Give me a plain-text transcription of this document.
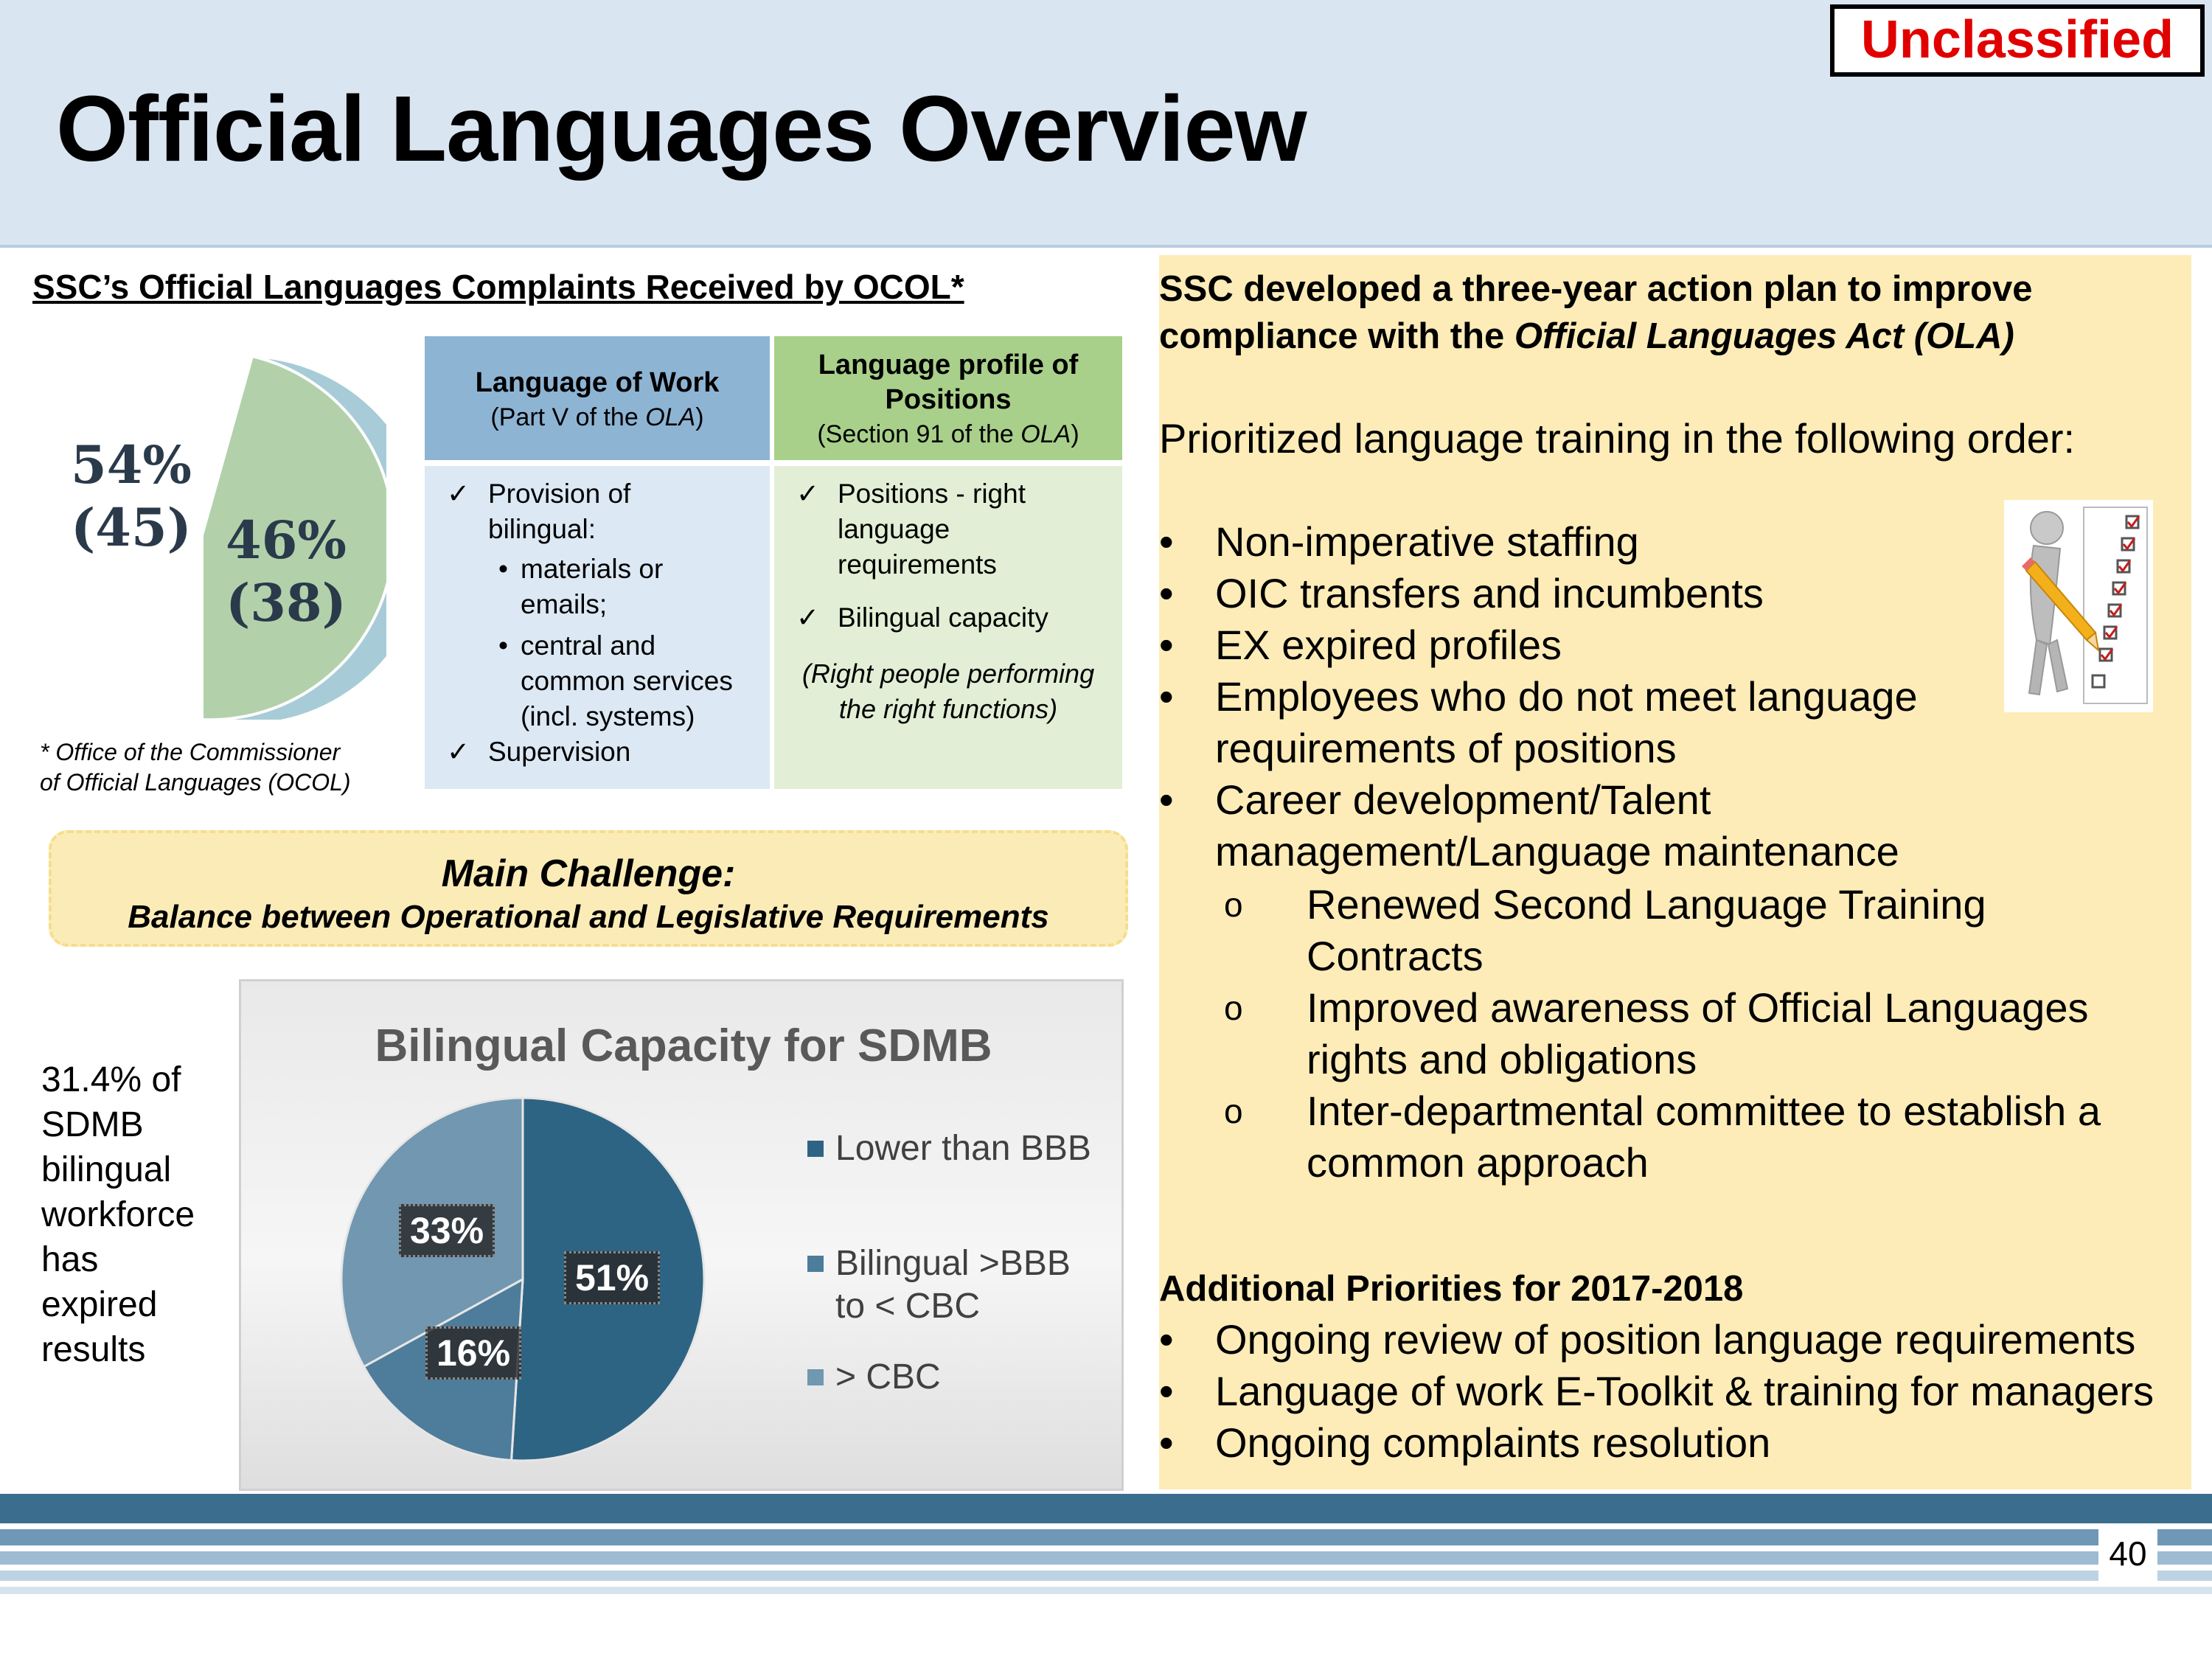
Official Languages Overview
Unclassified
SSC’s Official Languages Complaints Received by OCOL*
54%
(45) 46%
(38)
* Office of the Commissioner
of Official Languages (OCOL)
Language of Work
(Part V of the OLA)
✓ Provision of
bilingual:
• materials or
emails;
• central and
common services
(incl. systems)
✓ Supervision
Language profile of
Positions
(Section 91 of the OLA)
✓ Positions - right
language
requirements
✓ Bilingual capacity
(Right people performing
the right functions)
Main Challenge:
Balance between Operational and Legislative Requirements
31.4% of
SDMB
bilingual
workforce
has
expired
results
Bilingual Capacity for SDMB
51%
16%
33%
Lower than BBB
Bilingual >BBB
to < CBC
> CBC
SSC developed a three-year action plan to improve
compliance with the Official Languages Act (OLA)
Prioritized language training in the following order:
• Non-imperative staffing
• OIC transfers and incumbents
• EX expired profiles
• Employees who do not meet language
requirements of positions
• Career development/Talent
management/Language maintenance
o Renewed Second Language Training
Contracts
o Improved awareness of Official Languages
rights and obligations
o Inter-departmental committee to establish a
common approach
Additional Priorities for 2017-2018
• Ongoing review of position language requirements
• Language of work E-Toolkit & training for managers
• Ongoing complaints resolution
40
